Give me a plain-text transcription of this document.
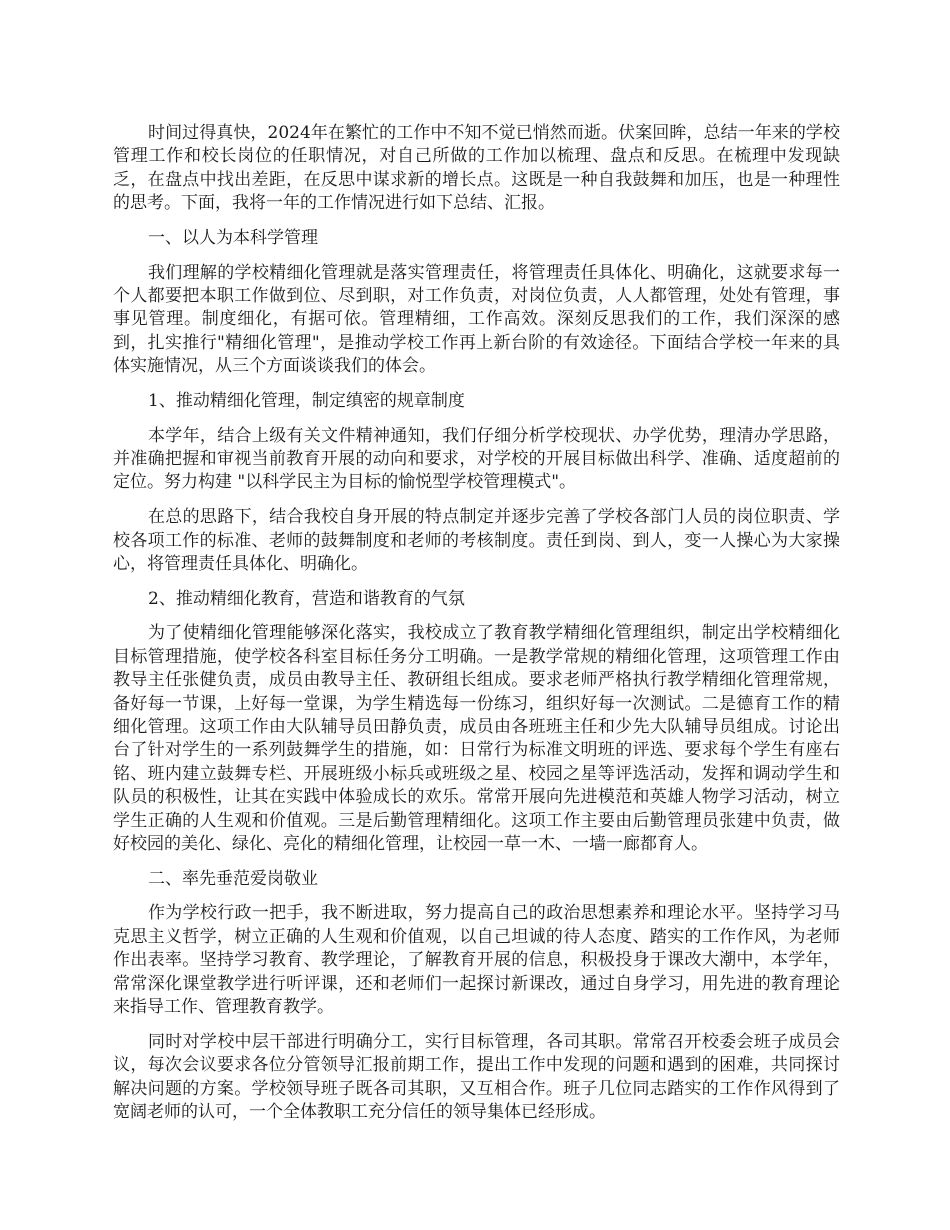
时间过得真快，2024年在繁忙的工作中不知不觉已悄然而逝。伏案回眸，总结一年来的学校管理工作和校长岗位的任职情况，对自己所做的工作加以梳理、盘点和反思。在梳理中发现缺乏，在盘点中找出差距，在反思中谋求新的增长点。这既是一种自我鼓舞和加压，也是一种理性的思考。下面，我将一年的工作情况进行如下总结、汇报。

一、以人为本科学管理

我们理解的学校精细化管理就是落实管理责任，将管理责任具体化、明确化，这就要求每一个人都要把本职工作做到位、尽到职，对工作负责，对岗位负责，人人都管理，处处有管理，事事见管理。制度细化，有据可依。管理精细，工作高效。深刻反思我们的工作，我们深深的感到，扎实推行"精细化管理"，是推动学校工作再上新台阶的有效途径。下面结合学校一年来的具体实施情况，从三个方面谈谈我们的体会。

1、推动精细化管理，制定缜密的规章制度

本学年，结合上级有关文件精神通知，我们仔细分析学校现状、办学优势，理清办学思路，并准确把握和审视当前教育开展的动向和要求，对学校的开展目标做出科学、准确、适度超前的定位。努力构建 "以科学民主为目标的愉悦型学校管理模式"。

在总的思路下，结合我校自身开展的特点制定并逐步完善了学校各部门人员的岗位职责、学校各项工作的标准、老师的鼓舞制度和老师的考核制度。责任到岗、到人，变一人操心为大家操心，将管理责任具体化、明确化。

2、推动精细化教育，营造和谐教育的气氛

为了使精细化管理能够深化落实，我校成立了教育教学精细化管理组织，制定出学校精细化目标管理措施，使学校各科室目标任务分工明确。一是教学常规的精细化管理，这项管理工作由教导主任张健负责，成员由教导主任、教研组长组成。要求老师严格执行教学精细化管理常规，备好每一节课，上好每一堂课，为学生精选每一份练习，组织好每一次测试。二是德育工作的精细化管理。这项工作由大队辅导员田静负责，成员由各班班主任和少先大队辅导员组成。讨论出台了针对学生的一系列鼓舞学生的措施，如：日常行为标准文明班的评选、要求每个学生有座右铭、班内建立鼓舞专栏、开展班级小标兵或班级之星、校园之星等评选活动，发挥和调动学生和队员的积极性，让其在实践中体验成长的欢乐。常常开展向先进模范和英雄人物学习活动，树立学生正确的人生观和价值观。三是后勤管理精细化。这项工作主要由后勤管理员张建中负责，做好校园的美化、绿化、亮化的精细化管理，让校园一草一木、一墙一廊都育人。

二、率先垂范爱岗敬业

作为学校行政一把手，我不断进取，努力提高自己的政治思想素养和理论水平。坚持学习马克思主义哲学，树立正确的人生观和价值观，以自己坦诚的待人态度、踏实的工作作风，为老师作出表率。坚持学习教育、教学理论，了解教育开展的信息，积极投身于课改大潮中，本学年，常常深化课堂教学进行听评课，还和老师们一起探讨新课改，通过自身学习，用先进的教育理论来指导工作、管理教育教学。

同时对学校中层干部进行明确分工，实行目标管理，各司其职。常常召开校委会班子成员会议，每次会议要求各位分管领导汇报前期工作，提出工作中发现的问题和遇到的困难，共同探讨解决问题的方案。学校领导班子既各司其职，又互相合作。班子几位同志踏实的工作作风得到了宽阔老师的认可，一个全体教职工充分信任的领导集体已经形成。
